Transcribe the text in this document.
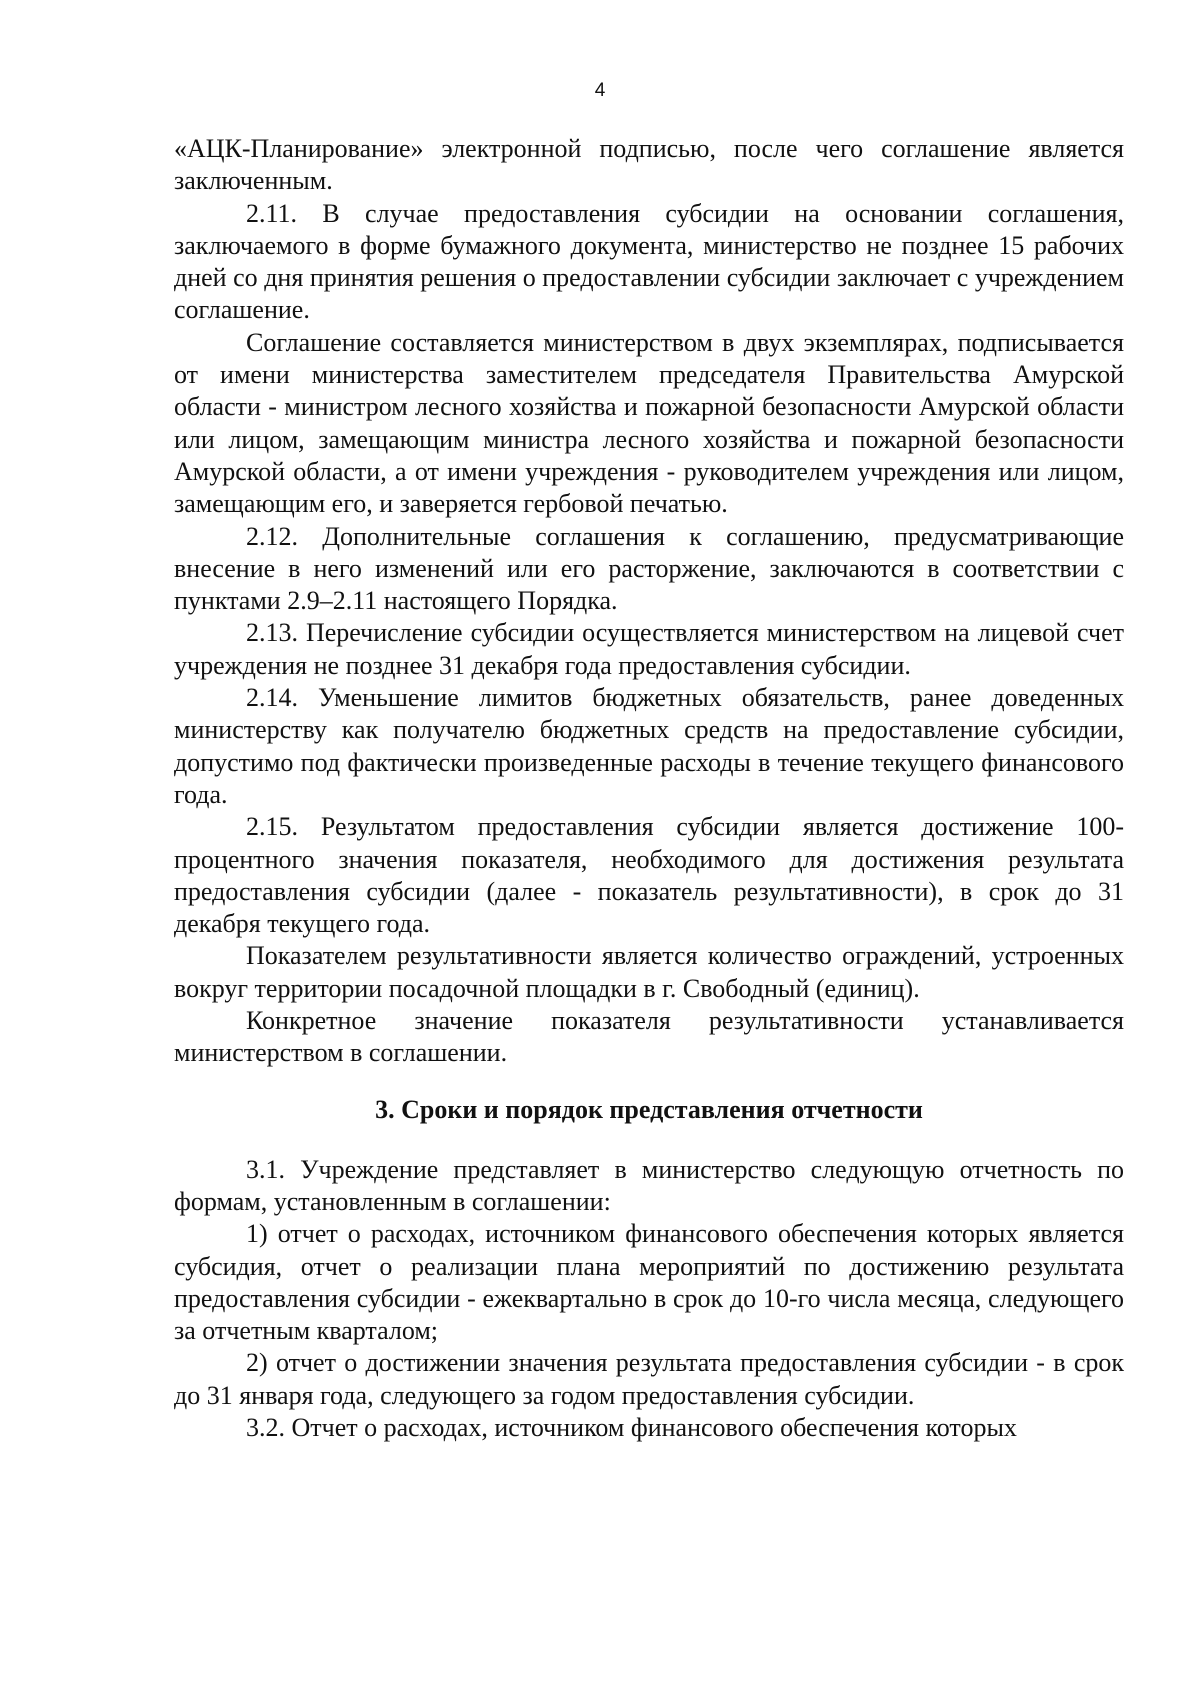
4

«АЦК-Планирование» электронной подписью, после чего соглашение является заключенным.

2.11. В случае предоставления субсидии на основании соглашения, заключаемого в форме бумажного документа, министерство не позднее 15 рабочих дней со дня принятия решения о предоставлении субсидии заключает с учреждением соглашение.

Соглашение составляется министерством в двух экземплярах, подписывается от имени министерства заместителем председателя Правительства Амурской области - министром лесного хозяйства и пожарной безопасности Амурской области или лицом, замещающим министра лесного хозяйства и пожарной безопасности Амурской области, а от имени учреждения - руководителем учреждения или лицом, замещающим его, и заверяется гербовой печатью.

2.12. Дополнительные соглашения к соглашению, предусматривающие внесение в него изменений или его расторжение, заключаются в соответствии с пунктами 2.9–2.11 настоящего Порядка.

2.13. Перечисление субсидии осуществляется министерством на лицевой счет учреждения не позднее 31 декабря года предоставления субсидии.

2.14. Уменьшение лимитов бюджетных обязательств, ранее доведенных министерству как получателю бюджетных средств на предоставление субсидии, допустимо под фактически произведенные расходы в течение текущего финансового года.

2.15. Результатом предоставления субсидии является достижение 100-процентного значения показателя, необходимого для достижения результата предоставления субсидии (далее - показатель результативности), в срок до 31 декабря текущего года.

Показателем результативности является количество ограждений, устроенных вокруг территории посадочной площадки в г. Свободный (единиц).

Конкретное значение показателя результативности устанавливается министерством в соглашении.

3. Сроки и порядок представления отчетности

3.1. Учреждение представляет в министерство следующую отчетность по формам, установленным в соглашении:

1) отчет о расходах, источником финансового обеспечения которых является субсидия, отчет о реализации плана мероприятий по достижению результата предоставления субсидии - ежеквартально в срок до 10-го числа месяца, следующего за отчетным кварталом;

2) отчет о достижении значения результата предоставления субсидии - в срок до 31 января года, следующего за годом предоставления субсидии.

3.2. Отчет о расходах, источником финансового обеспечения которых
